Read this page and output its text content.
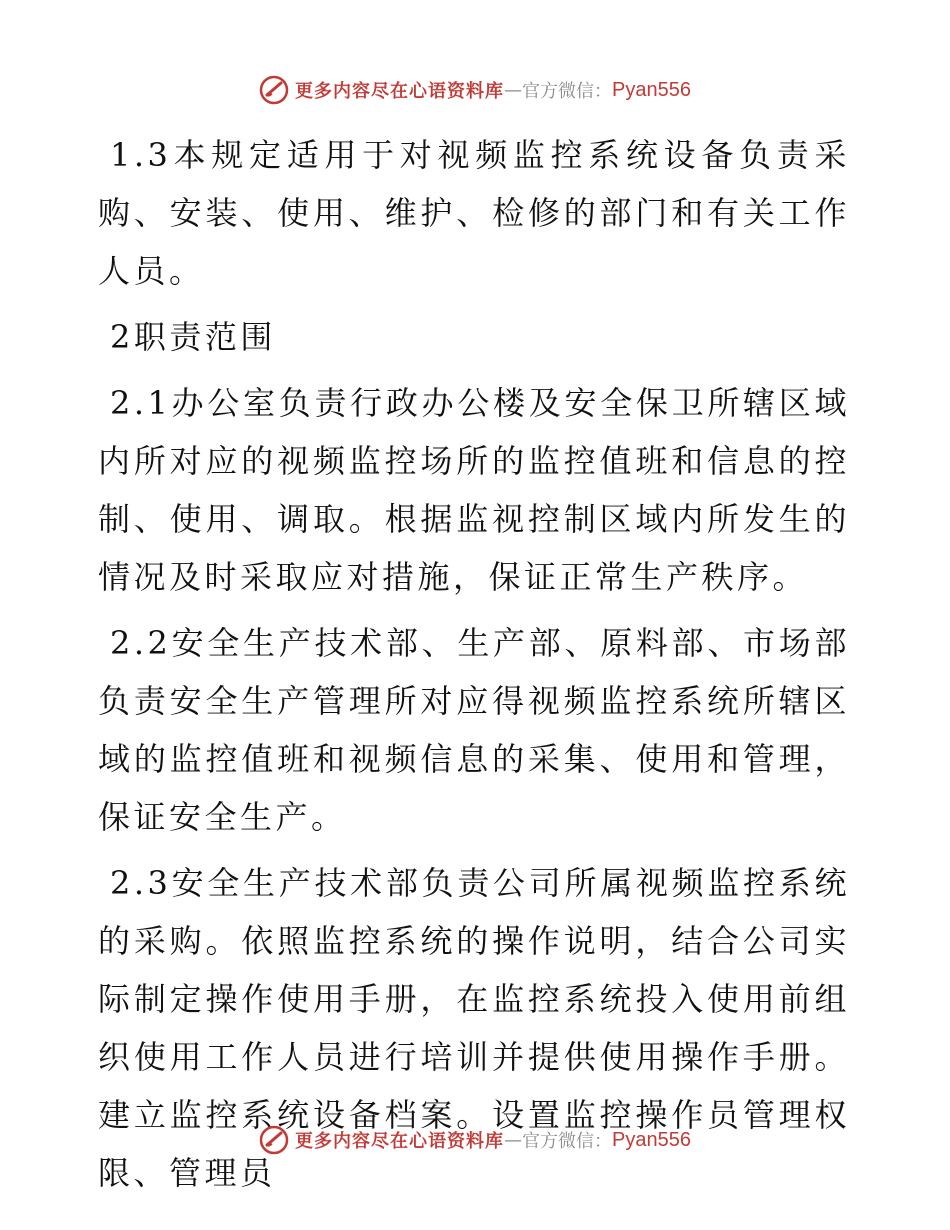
更多内容尽在心语资料库 — 官方微信： Pyan556

1.3本规定适用于对视频监控系统设备负责采购、安装、使用、维护、检修的部门和有关工作人员。

2职责范围

2.1办公室负责行政办公楼及安全保卫所辖区域内所对应的视频监控场所的监控值班和信息的控制、使用、调取。根据监视控制区域内所发生的情况及时采取应对措施，保证正常生产秩序。

2.2安全生产技术部、生产部、原料部、市场部负责安全生产管理所对应得视频监控系统所辖区域的监控值班和视频信息的采集、使用和管理，保证安全生产。

2.3安全生产技术部负责公司所属视频监控系统的采购。依照监控系统的操作说明，结合公司实际制定操作使用手册，在监控系统投入使用前组织使用工作人员进行培训并提供使用操作手册。建立监控系统设备档案。设置监控操作员管理权限、管理员

更多内容尽在心语资料库 — 官方微信： Pyan556
